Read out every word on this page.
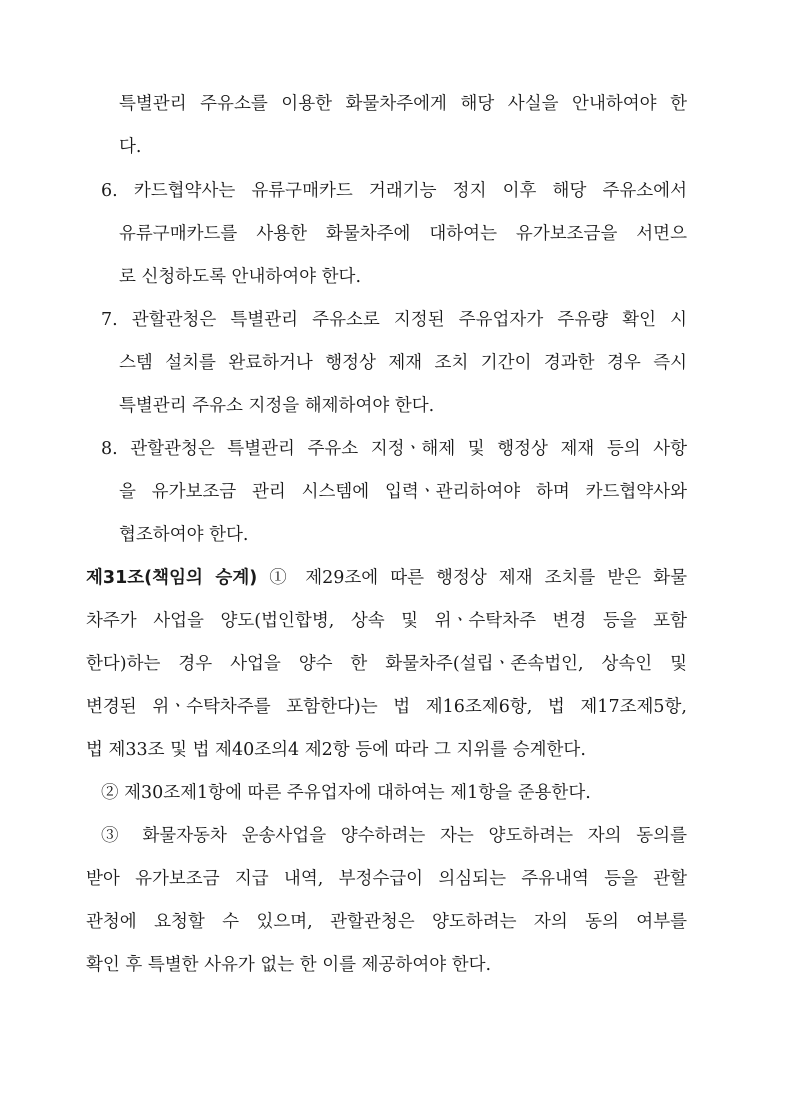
특별관리 주유소를 이용한 화물차주에게 해당 사실을 안내하여야 한
다.
6. 카드협약사는 유류구매카드 거래기능 정지 이후 해당 주유소에서
유류구매카드를 사용한 화물차주에 대하여는 유가보조금을 서면으
로 신청하도록 안내하여야 한다.
7. 관할관청은 특별관리 주유소로 지정된 주유업자가 주유량 확인 시
스템 설치를 완료하거나 행정상 제재 조치 기간이 경과한 경우 즉시
특별관리 주유소 지정을 해제하여야 한다.
8. 관할관청은 특별관리 주유소 지정ㆍ해제 및 행정상 제재 등의 사항
을 유가보조금 관리 시스템에 입력ㆍ관리하여야 하며 카드협약사와
협조하여야 한다.
제31조(책임의 승계) ① 제29조에 따른 행정상 제재 조치를 받은 화물
차주가 사업을 양도(법인합병, 상속 및 위ㆍ수탁차주 변경 등을 포함
한다)하는 경우 사업을 양수 한 화물차주(설립ㆍ존속법인, 상속인 및
변경된 위ㆍ수탁차주를 포함한다)는 법 제16조제6항, 법 제17조제5항,
법 제33조 및 법 제40조의4 제2항 등에 따라 그 지위를 승계한다.
② 제30조제1항에 따른 주유업자에 대하여는 제1항을 준용한다.
③ 화물자동차 운송사업을 양수하려는 자는 양도하려는 자의 동의를
받아 유가보조금 지급 내역, 부정수급이 의심되는 주유내역 등을 관할
관청에 요청할 수 있으며, 관할관청은 양도하려는 자의 동의 여부를
확인 후 특별한 사유가 없는 한 이를 제공하여야 한다.
